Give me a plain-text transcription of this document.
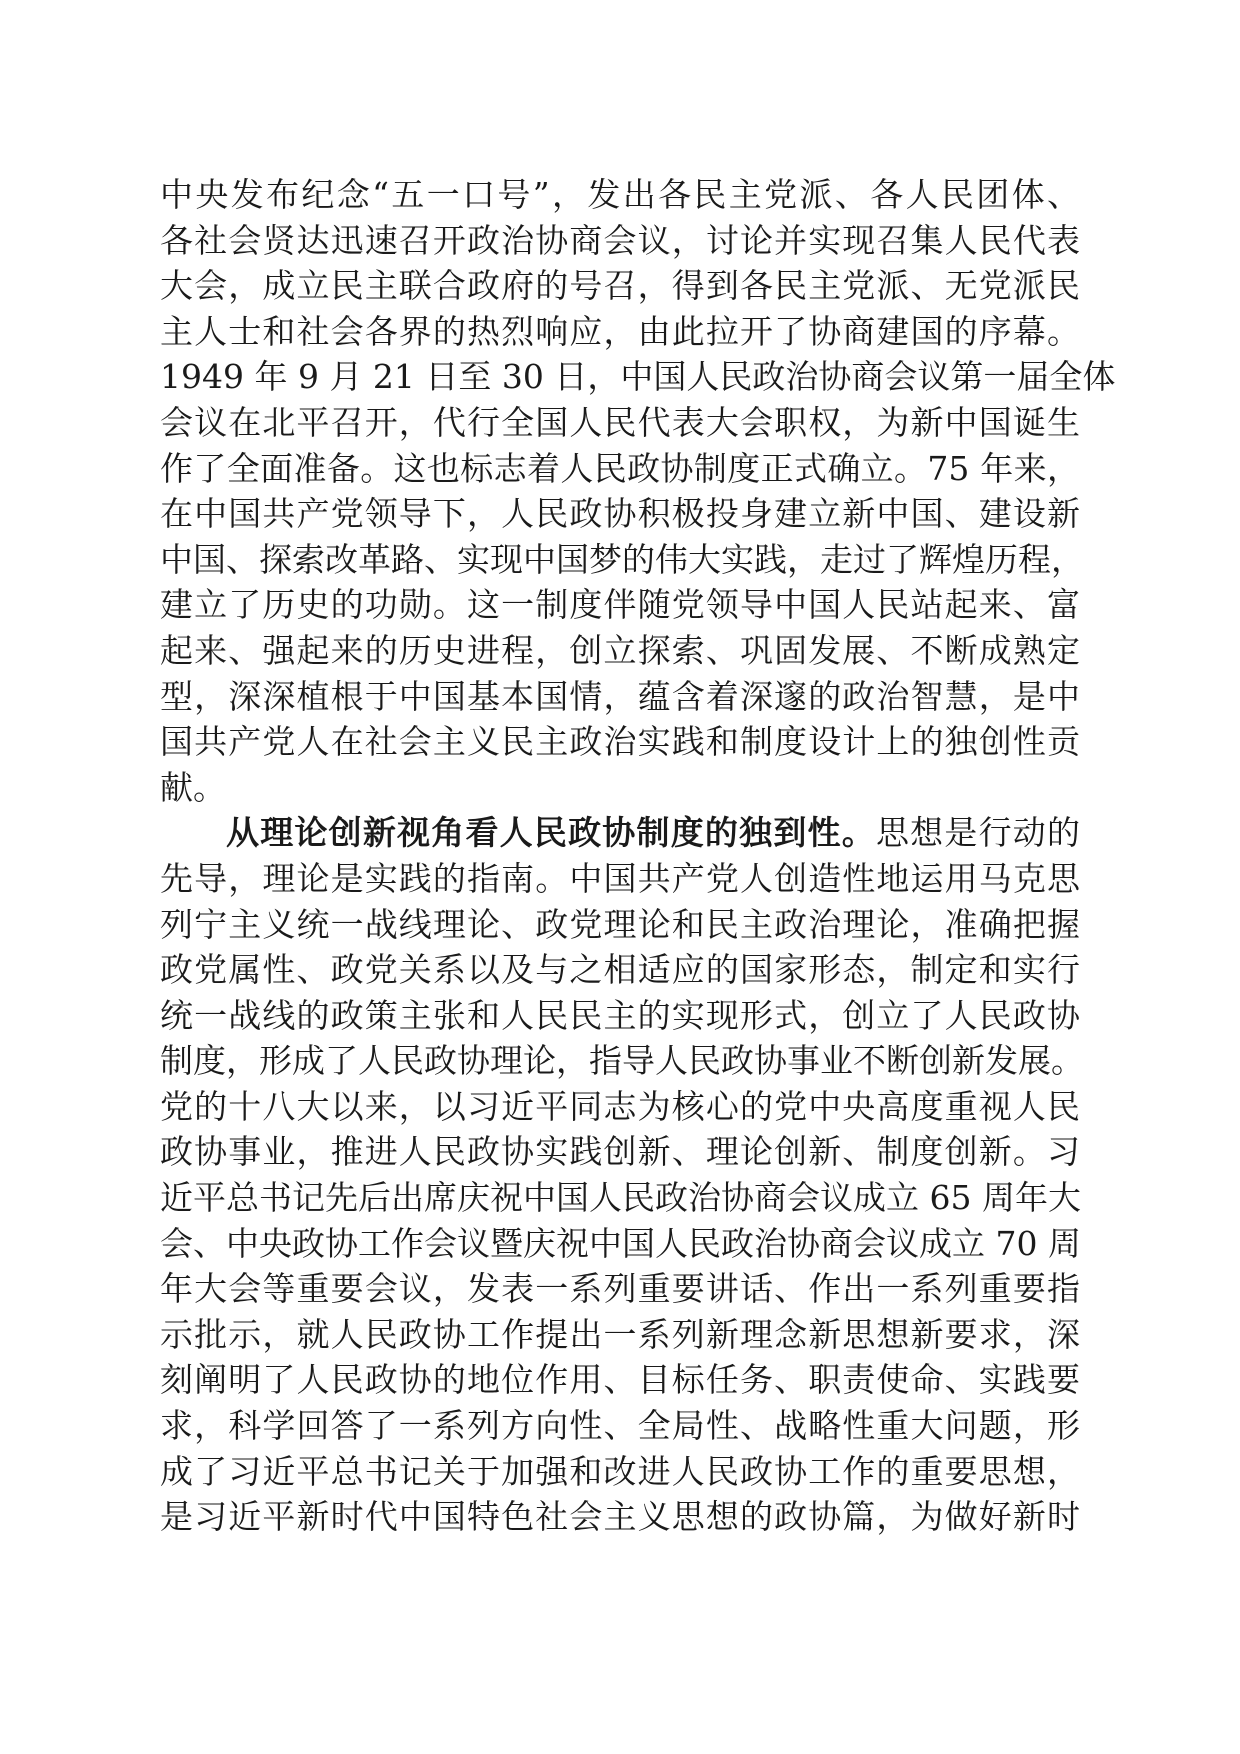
中央发布纪念“五一口号”，发出各民主党派、各人民团体、
各社会贤达迅速召开政治协商会议，讨论并实现召集人民代表
大会，成立民主联合政府的号召，得到各民主党派、无党派民
主人士和社会各界的热烈响应，由此拉开了协商建国的序幕。
1949 年 9 月 21 日至 30 日，中国人民政治协商会议第一届全体
会议在北平召开，代行全国人民代表大会职权，为新中国诞生
作了全面准备。这也标志着人民政协制度正式确立。75 年来，
在中国共产党领导下，人民政协积极投身建立新中国、建设新
中国、探索改革路、实现中国梦的伟大实践，走过了辉煌历程，
建立了历史的功勋。这一制度伴随党领导中国人民站起来、富
起来、强起来的历史进程，创立探索、巩固发展、不断成熟定
型，深深植根于中国基本国情，蕴含着深邃的政治智慧，是中
国共产党人在社会主义民主政治实践和制度设计上的独创性贡
献。
从理论创新视角看人民政协制度的独到性。思想是行动的
先导，理论是实践的指南。中国共产党人创造性地运用马克思
列宁主义统一战线理论、政党理论和民主政治理论，准确把握
政党属性、政党关系以及与之相适应的国家形态，制定和实行
统一战线的政策主张和人民民主的实现形式，创立了人民政协
制度，形成了人民政协理论，指导人民政协事业不断创新发展。
党的十八大以来，以习近平同志为核心的党中央高度重视人民
政协事业，推进人民政协实践创新、理论创新、制度创新。习
近平总书记先后出席庆祝中国人民政治协商会议成立 65 周年大
会、中央政协工作会议暨庆祝中国人民政治协商会议成立 70 周
年大会等重要会议，发表一系列重要讲话、作出一系列重要指
示批示，就人民政协工作提出一系列新理念新思想新要求，深
刻阐明了人民政协的地位作用、目标任务、职责使命、实践要
求，科学回答了一系列方向性、全局性、战略性重大问题，形
成了习近平总书记关于加强和改进人民政协工作的重要思想，
是习近平新时代中国特色社会主义思想的政协篇，为做好新时
